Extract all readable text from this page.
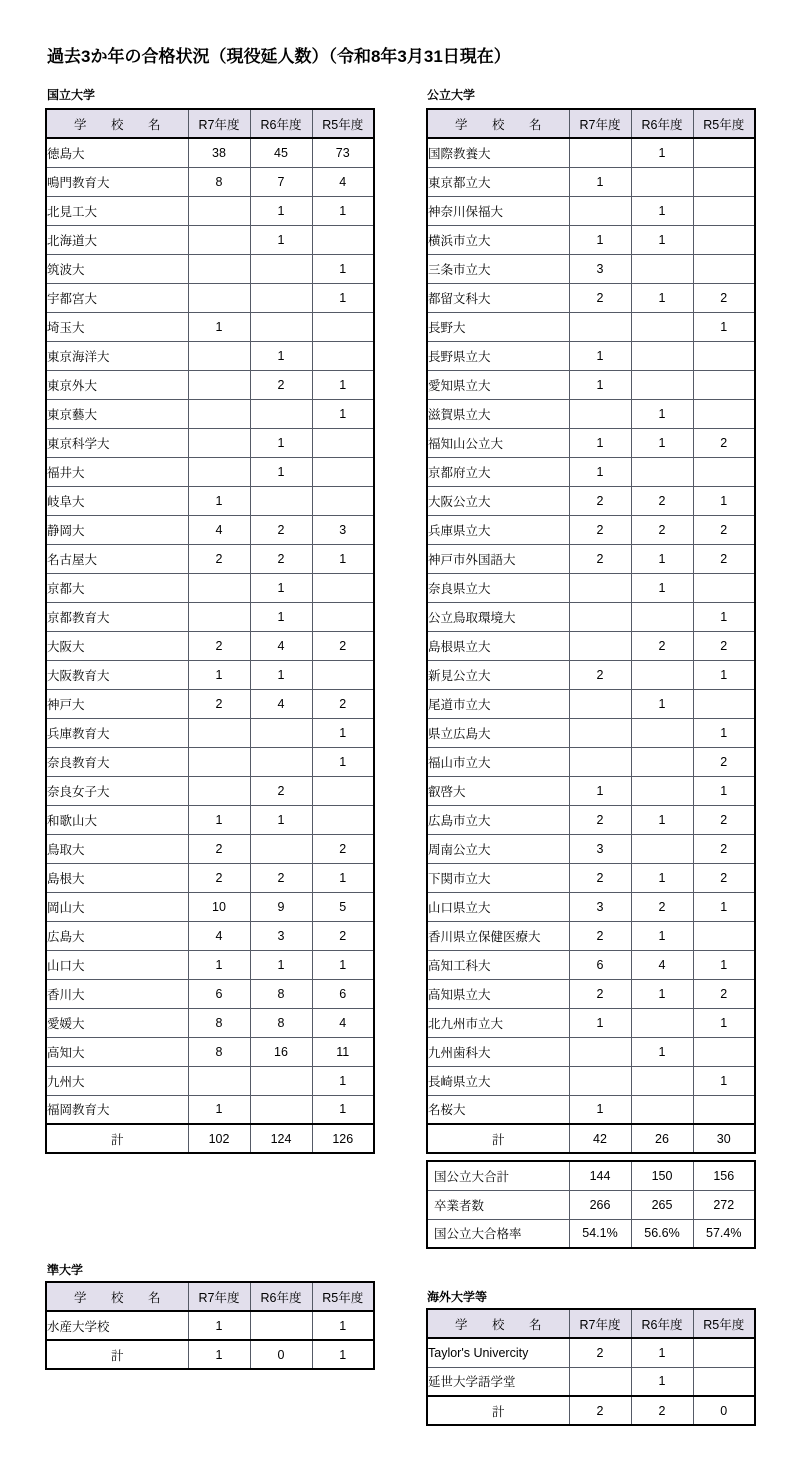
過去3か年の合格状況（現役延人数）（令和8年3月31日現在）
国立大学
学　校　名	R7年度	R6年度	R5年度
徳島大	38	45	73
鳴門教育大	8	7	4
北見工大		1	1
北海道大		1	
筑波大			1
宇都宮大			1
埼玉大	1		
東京海洋大		1	
東京外大		2	1
東京藝大			1
東京科学大		1	
福井大		1	
岐阜大	1		
静岡大	4	2	3
名古屋大	2	2	1
京都大		1	
京都教育大		1	
大阪大	2	4	2
大阪教育大	1	1	
神戸大	2	4	2
兵庫教育大			1
奈良教育大			1
奈良女子大		2	
和歌山大	1	1	
鳥取大	2		2
島根大	2	2	1
岡山大	10	9	5
広島大	4	3	2
山口大	1	1	1
香川大	6	8	6
愛媛大	8	8	4
高知大	8	16	11
九州大			1
福岡教育大	1		1
計	102	124	126
公立大学
学　校　名	R7年度	R6年度	R5年度
国際教養大		1	
東京都立大	1		
神奈川保福大		1	
横浜市立大	1	1	
三条市立大	3		
都留文科大	2	1	2
長野大			1
長野県立大	1		
愛知県立大	1		
滋賀県立大		1	
福知山公立大	1	1	2
京都府立大	1		
大阪公立大	2	2	1
兵庫県立大	2	2	2
神戸市外国語大	2	1	2
奈良県立大		1	
公立鳥取環境大			1
島根県立大		2	2
新見公立大	2		1
尾道市立大		1	
県立広島大			1
福山市立大			2
叡啓大	1		1
広島市立大	2	1	2
周南公立大	3		2
下関市立大	2	1	2
山口県立大	3	2	1
香川県立保健医療大	2	1	
高知工科大	6	4	1
高知県立大	2	1	2
北九州市立大	1		1
九州歯科大		1	
長崎県立大			1
名桜大	1		
計	42	26	30
国公立大合計	144	150	156
卒業者数	266	265	272
国公立大合格率	54.1%	56.6%	57.4%
準大学
学　校　名	R7年度	R6年度	R5年度
水産大学校	1		1
計	1	0	1
海外大学等
学　校　名	R7年度	R6年度	R5年度
Taylor's Univercity	2	1	
延世大学語学堂		1	
計	2	2	0
